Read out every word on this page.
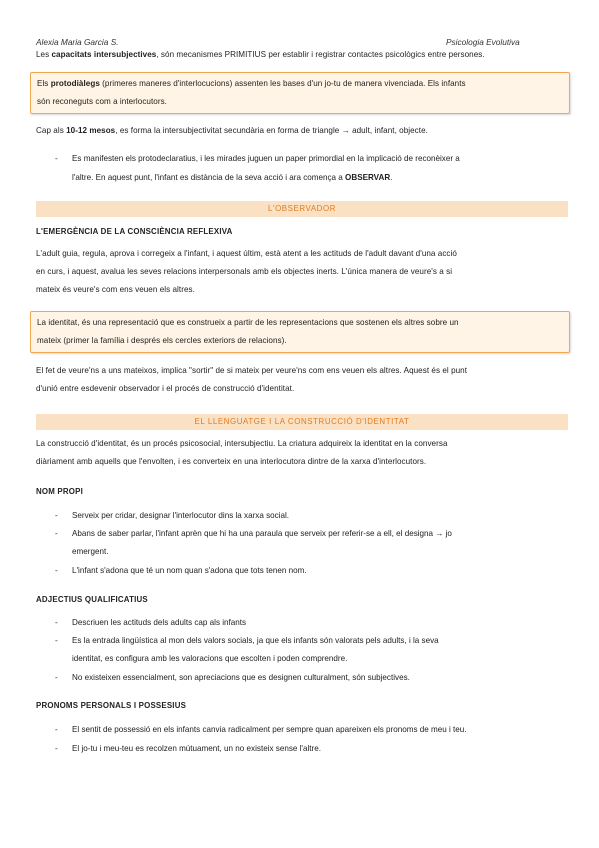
Alexia Maria Garcia S.	Psicologia Evolutiva
Les capacitats intersubjectives, són mecanismes PRIMITIUS per establir i registrar contactes psicològics entre persones.
Els protodiàlegs (primeres maneres d'interlocucions) assenten les bases d'un jo-tu de manera vivenciada. Els infants
són reconeguts com a interlocutors.
Cap als 10-12 mesos, es forma la intersubjectivitat secundària en forma de triangle → adult, infant, objecte.
- Es manifesten els protodeclaratius, i les mirades juguen un paper primordial en la implicació de reconèixer a
l'altre. En aquest punt, l'infant es distància de la seva acció i ara comença a OBSERVAR.
L'OBSERVADOR
L'EMERGÈNCIA DE LA CONSCIÈNCIA REFLEXIVA
L'adult guia, regula, aprova i corregeix a l'infant, i aquest últim, està atent a les actituds de l'adult davant d'una acció
en curs, i aquest, avalua les seves relacions interpersonals amb els objectes inerts. L'única manera de veure's a si
mateix és veure's com ens veuen els altres.
La identitat, és una representació que es construeix a partir de les representacions que sostenen els altres sobre un
mateix (primer la família i després els cercles exteriors de relacions).
El fet de veure'ns a uns mateixos, implica "sortir" de si mateix per veure'ns com ens veuen els altres. Aquest és el punt
d'unió entre esdevenir observador i el procés de construcció d'identitat.
EL LLENGUATGE I LA CONSTRUCCIÓ D'IDENTITAT
La construcció d'identitat, és un procés psicosocial, intersubjectiu. La criatura adquireix la identitat en la conversa
diàriament amb aquells que l'envolten, i es converteix en una interlocutora dintre de la xarxa d'interlocutors.
NOM PROPI
- Serveix per cridar, designar l'interlocutor dins la xarxa social.
- Abans de saber parlar, l'infant aprèn que hi ha una paraula que serveix per referir-se a ell, el designa → jo
emergent.
- L'infant s'adona que té un nom quan s'adona que tots tenen nom.
ADJECTIUS QUALIFICATIUS
- Descriuen les actituds dels adults cap als infants
- Es la entrada lingüística al mon dels valors socials, ja que els infants són valorats pels adults, i la seva
identitat, es configura amb les valoracions que escolten i poden comprendre.
- No existeixen essencialment, son apreciacions que es designen culturalment, són subjectives.
PRONOMS PERSONALS I POSSESIUS
- El sentit de possessió en els infants canvia radicalment per sempre quan apareixen els pronoms de meu i teu.
- El jo-tu i meu-teu es recolzen mútuament, un no existeix sense l'altre.
